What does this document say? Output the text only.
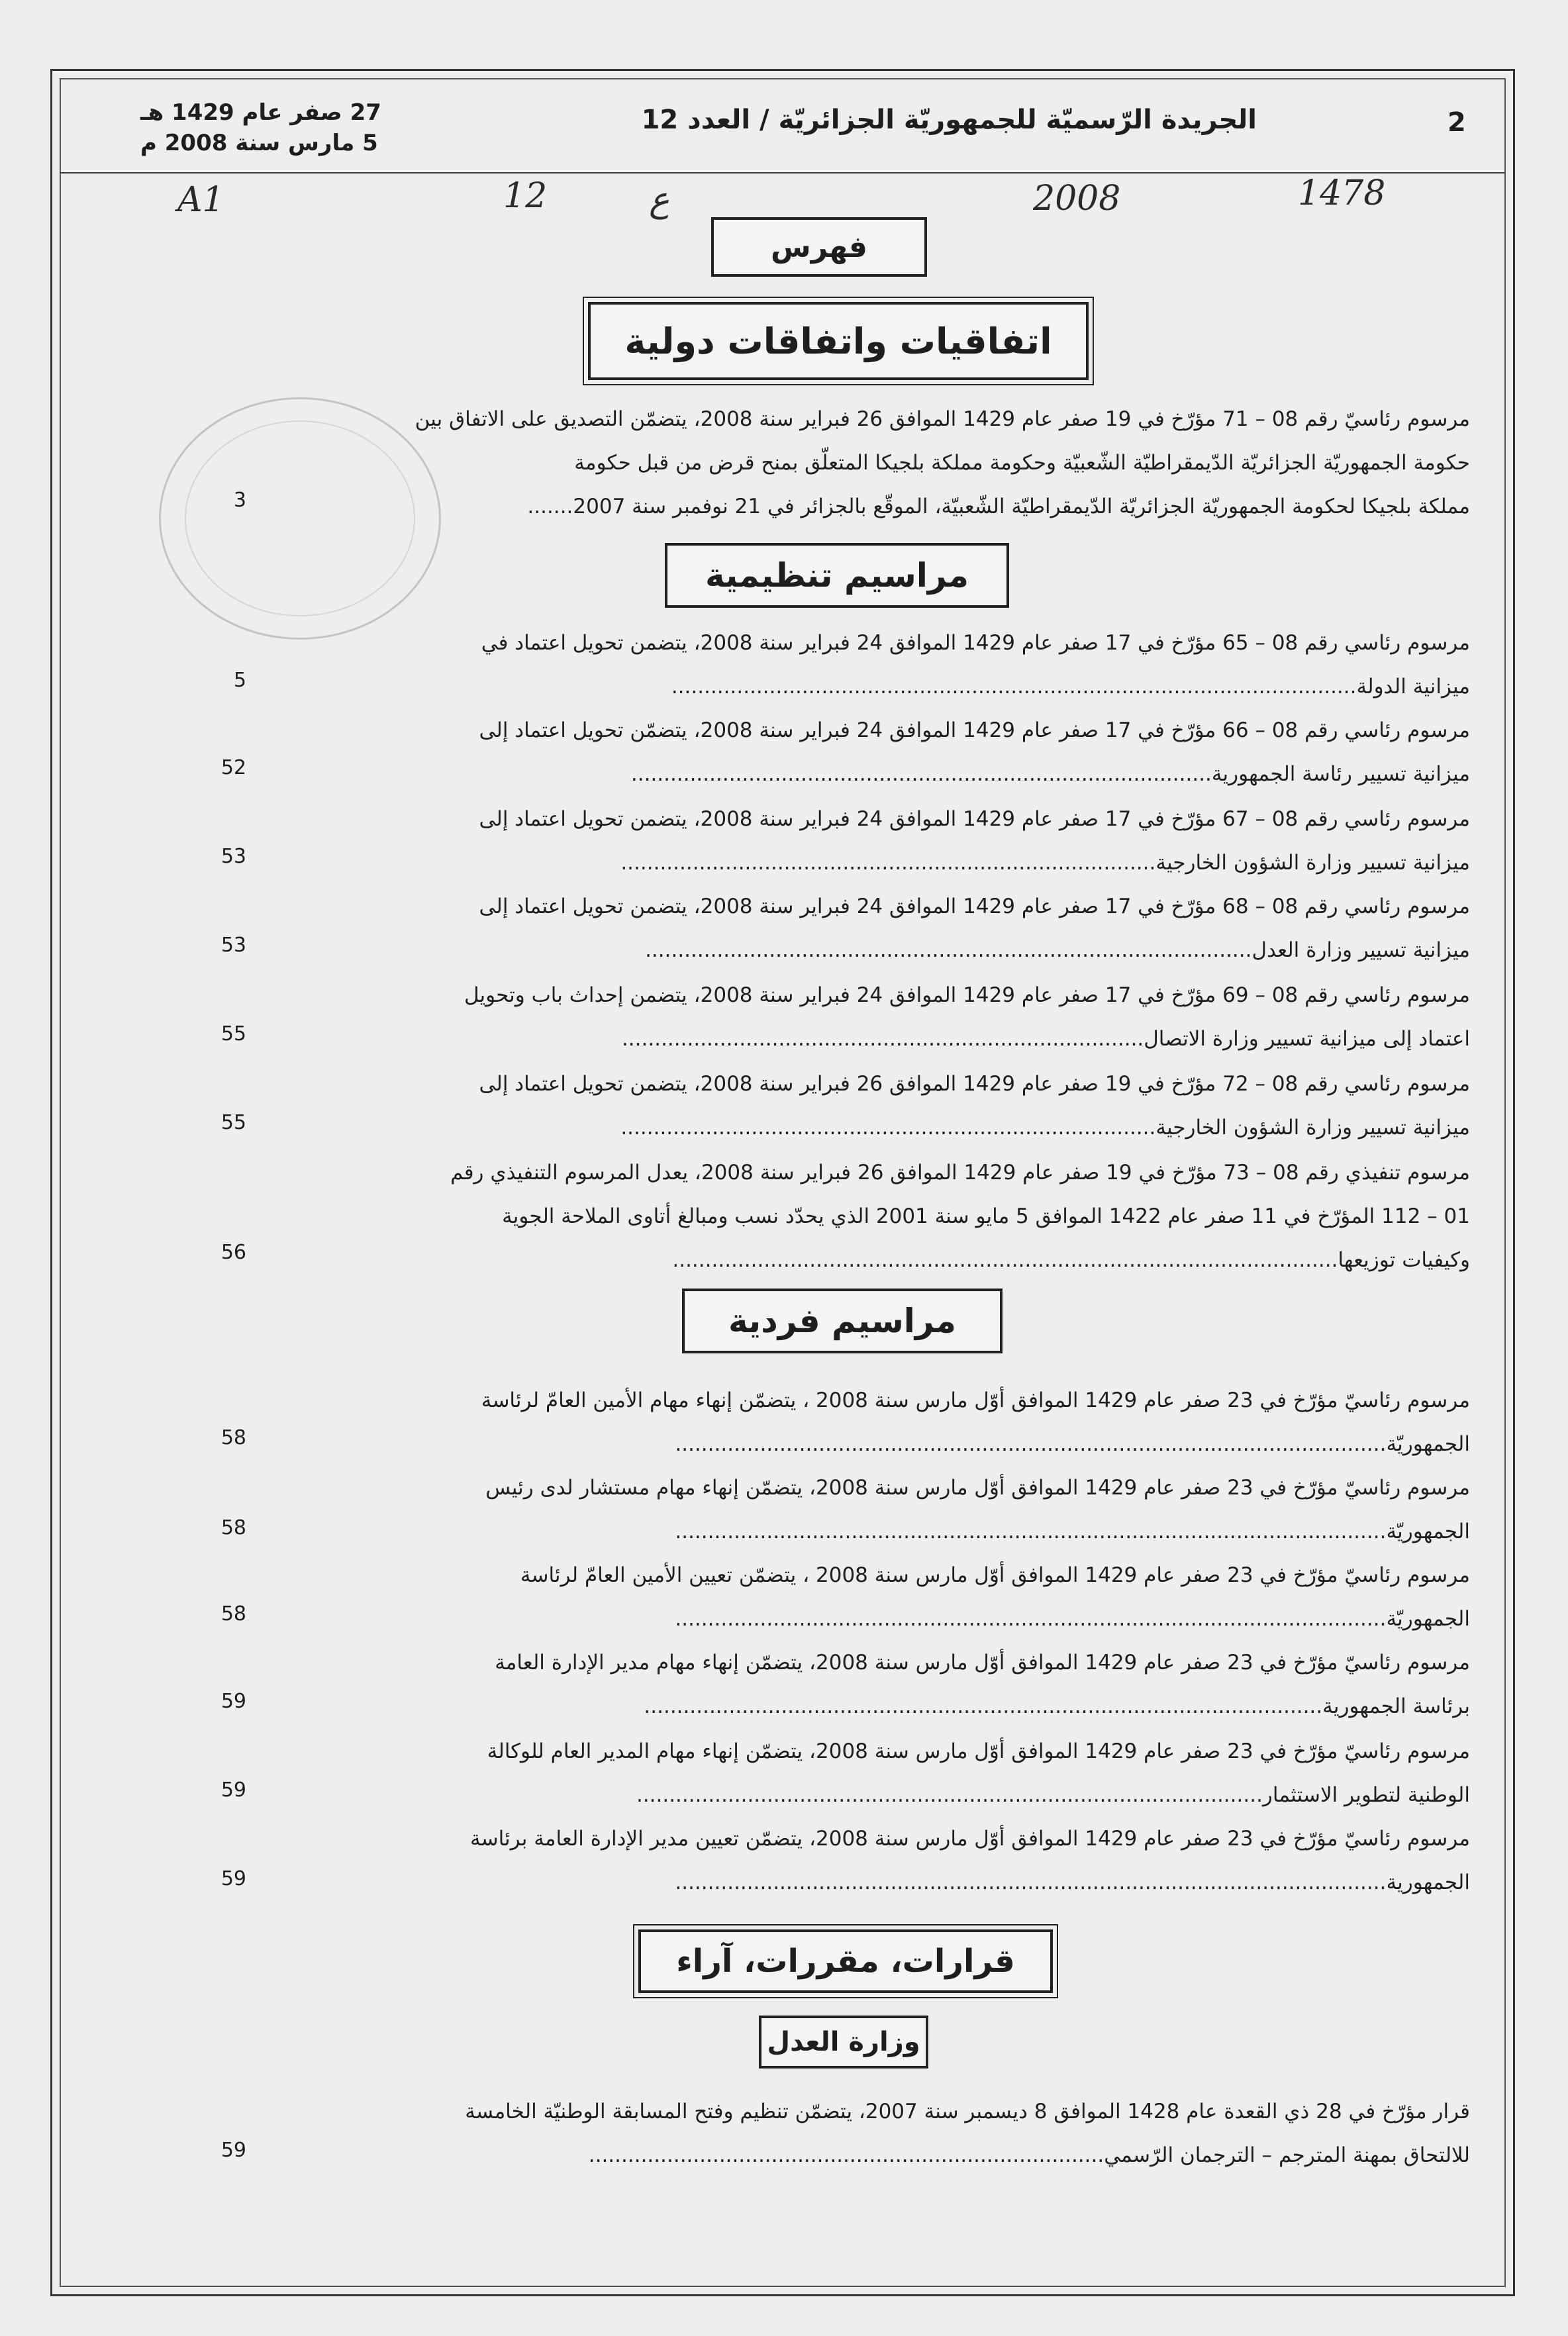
2
الجريدة الرّسميّة للجمهوريّة الجزائريّة / العدد 12
27 صفر عام 1429 هـ
5 مارس سنة 2008 م
A1	12	ع	2008	1478
فهرس
اتفاقيات واتفاقات دولية
مرسوم رئاسيّ رقم 08 – 71 مؤرّخ في 19 صفر عام 1429 الموافق 26 فبراير سنة 2008، يتضمّن التصديق على الاتفاق بين
حكومة الجمهوريّة الجزائريّة الدّيمقراطيّة الشّعبيّة وحكومة مملكة بلجيكا المتعلّق بمنح قرض من قبل حكومة
مملكة بلجيكا لحكومة الجمهوريّة الجزائريّة الدّيمقراطيّة الشّعبيّة، الموقّع بالجزائر في 21 نوفمبر سنة 2007.......
3
مراسيم تنظيمية
مرسوم رئاسي رقم 08 – 65 مؤرّخ في 17 صفر عام 1429 الموافق 24 فبراير سنة 2008، يتضمن تحويل اعتماد في
ميزانية الدولة.........................................................................................................
5
مرسوم رئاسي رقم 08 – 66 مؤرّخ في 17 صفر عام 1429 الموافق 24 فبراير سنة 2008، يتضمّن تحويل اعتماد إلى
ميزانية تسيير رئاسة الجمهورية.........................................................................................
52
مرسوم رئاسي رقم 08 – 67 مؤرّخ في 17 صفر عام 1429 الموافق 24 فبراير سنة 2008، يتضمن تحويل اعتماد إلى
ميزانية تسيير وزارة الشؤون الخارجية..................................................................................
53
مرسوم رئاسي رقم 08 – 68 مؤرّخ في 17 صفر عام 1429 الموافق 24 فبراير سنة 2008، يتضمن تحويل اعتماد إلى
ميزانية تسيير وزارة العدل.............................................................................................
53
مرسوم رئاسي رقم 08 – 69 مؤرّخ في 17 صفر عام 1429 الموافق 24 فبراير سنة 2008، يتضمن إحداث باب وتحويل
اعتماد إلى ميزانية تسيير وزارة الاتصال................................................................................
55
مرسوم رئاسي رقم 08 – 72 مؤرّخ في 19 صفر عام 1429 الموافق 26 فبراير سنة 2008، يتضمن تحويل اعتماد إلى
ميزانية تسيير وزارة الشؤون الخارجية..................................................................................
55
مرسوم تنفيذي رقم 08 – 73 مؤرّخ في 19 صفر عام 1429 الموافق 26 فبراير سنة 2008، يعدل المرسوم التنفيذي رقم
01 – 112 المؤرّخ في 11 صفر عام 1422 الموافق 5 مايو سنة 2001 الذي يحدّد نسب ومبالغ أتاوى الملاحة الجوية
وكيفيات توزيعها......................................................................................................
56
مراسيم فردية
مرسوم رئاسيّ مؤرّخ في 23 صفر عام 1429 الموافق أوّل مارس سنة 2008 ، يتضمّن إنهاء مهام الأمين العامّ لرئاسة
الجمهوريّة.............................................................................................................
58
مرسوم رئاسيّ مؤرّخ في 23 صفر عام 1429 الموافق أوّل مارس سنة 2008، يتضمّن إنهاء مهام مستشار لدى رئيس
الجمهوريّة.............................................................................................................
58
مرسوم رئاسيّ مؤرّخ في 23 صفر عام 1429 الموافق أوّل مارس سنة 2008 ، يتضمّن تعيين الأمين العامّ لرئاسة
الجمهوريّة.............................................................................................................
58
مرسوم رئاسيّ مؤرّخ في 23 صفر عام 1429 الموافق أوّل مارس سنة 2008، يتضمّن إنهاء مهام مدير الإدارة العامة
برئاسة الجمهورية........................................................................................................
59
مرسوم رئاسيّ مؤرّخ في 23 صفر عام 1429 الموافق أوّل مارس سنة 2008، يتضمّن إنهاء مهام المدير العام للوكالة
الوطنية لتطوير الاستثمار................................................................................................
59
مرسوم رئاسيّ مؤرّخ في 23 صفر عام 1429 الموافق أوّل مارس سنة 2008، يتضمّن تعيين مدير الإدارة العامة برئاسة
الجمهورية.............................................................................................................
59
قرارات، مقررات، آراء
وزارة العدل
قرار مؤرّخ في 28 ذي القعدة عام 1428 الموافق 8 ديسمبر سنة 2007، يتضمّن تنظيم وفتح المسابقة الوطنيّة الخامسة
للالتحاق بمهنة المترجم – الترجمان الرّسمي...............................................................................
59
